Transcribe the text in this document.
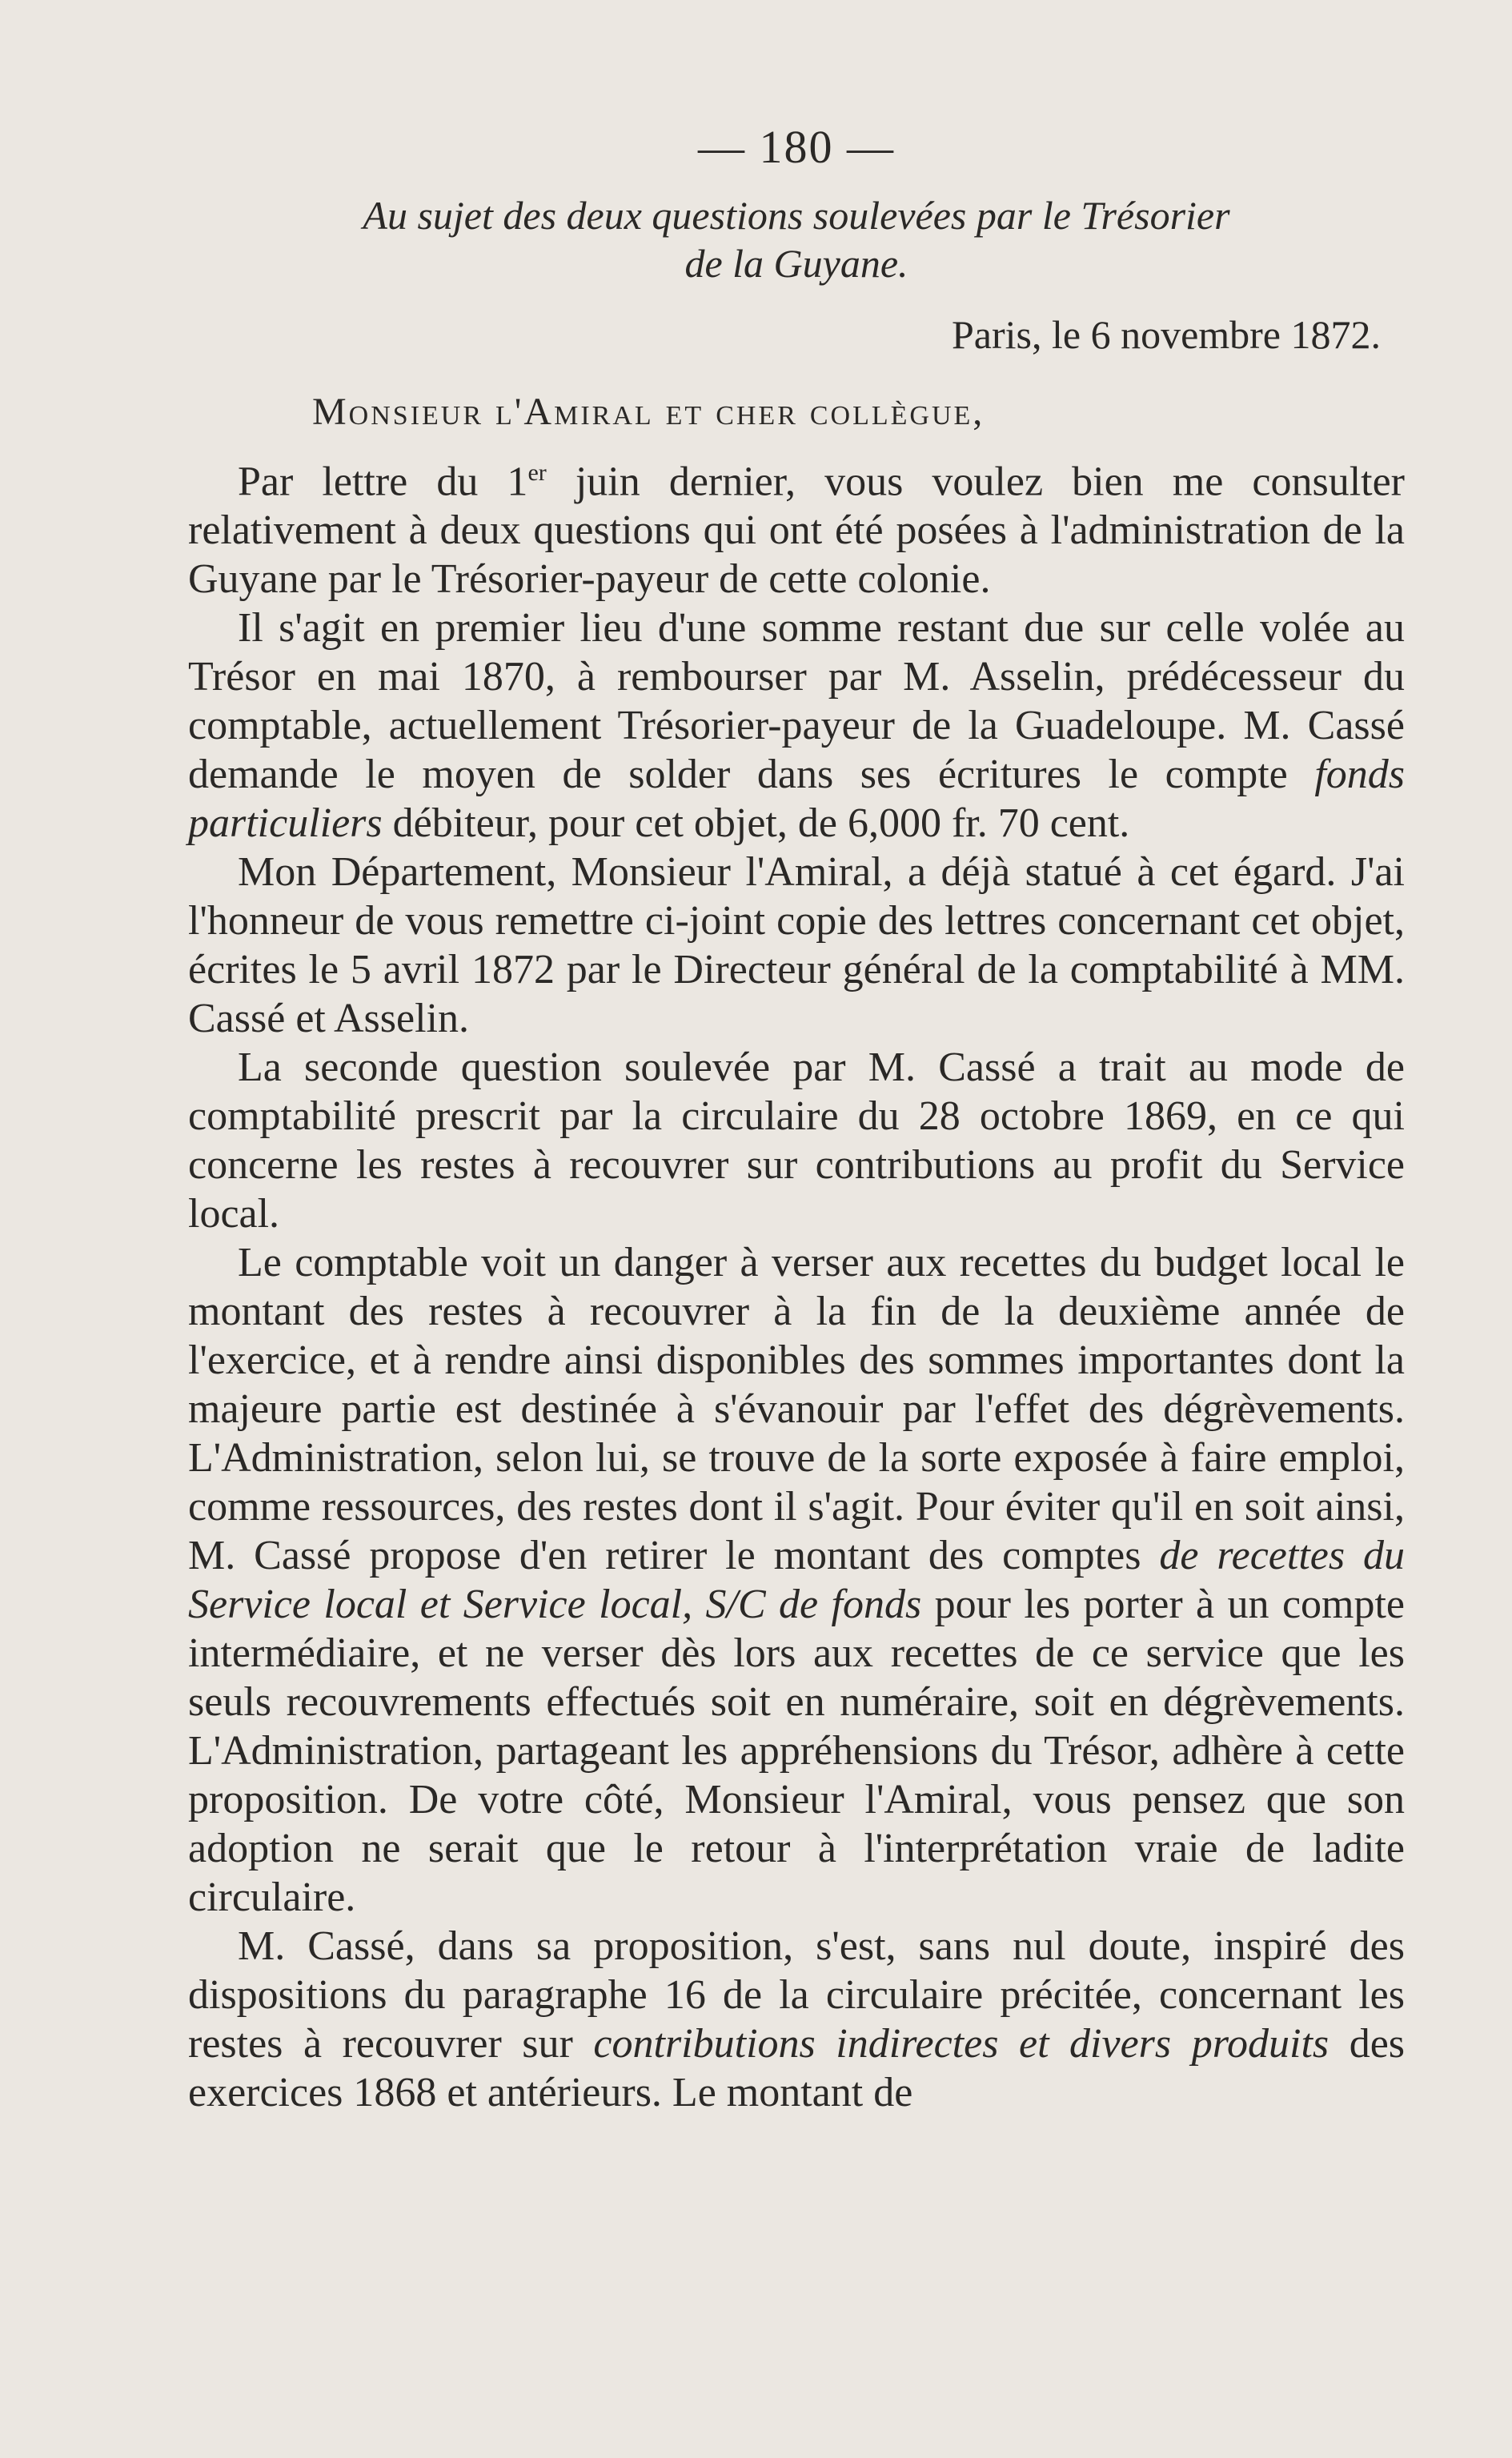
— 180 —
Au sujet des deux questions soulevées par le Trésorier
de la Guyane.
Paris, le 6 novembre 1872.
Monsieur l'Amiral et cher collègue,

Par lettre du 1er juin dernier, vous voulez bien me consulter relativement à deux questions qui ont été posées à l'administration de la Guyane par le Trésorier-payeur de cette colonie.

Il s'agit en premier lieu d'une somme restant due sur celle volée au Trésor en mai 1870, à rembourser par M. Asselin, prédécesseur du comptable, actuellement Trésorier-payeur de la Guadeloupe. M. Cassé demande le moyen de solder dans ses écritures le compte fonds particuliers débiteur, pour cet objet, de 6,000 fr. 70 cent.

Mon Département, Monsieur l'Amiral, a déjà statué à cet égard. J'ai l'honneur de vous remettre ci-joint copie des lettres concernant cet objet, écrites le 5 avril 1872 par le Directeur général de la comptabilité à MM. Cassé et Asselin.

La seconde question soulevée par M. Cassé a trait au mode de comptabilité prescrit par la circulaire du 28 octobre 1869, en ce qui concerne les restes à recouvrer sur contributions au profit du Service local.

Le comptable voit un danger à verser aux recettes du budget local le montant des restes à recouvrer à la fin de la deuxième année de l'exercice, et à rendre ainsi disponibles des sommes importantes dont la majeure partie est destinée à s'évanouir par l'effet des dégrèvements. L'Administration, selon lui, se trouve de la sorte exposée à faire emploi, comme ressources, des restes dont il s'agit. Pour éviter qu'il en soit ainsi, M. Cassé propose d'en retirer le montant des comptes de recettes du Service local et Service local, S/C de fonds pour les porter à un compte intermédiaire, et ne verser dès lors aux recettes de ce service que les seuls recouvrements effectués soit en numéraire, soit en dégrèvements. L'Administration, partageant les appréhensions du Trésor, adhère à cette proposition. De votre côté, Monsieur l'Amiral, vous pensez que son adoption ne serait que le retour à l'interprétation vraie de ladite circulaire.

M. Cassé, dans sa proposition, s'est, sans nul doute, inspiré des dispositions du paragraphe 16 de la circulaire précitée, concernant les restes à recouvrer sur contributions indirectes et divers produits des exercices 1868 et antérieurs. Le montant de
